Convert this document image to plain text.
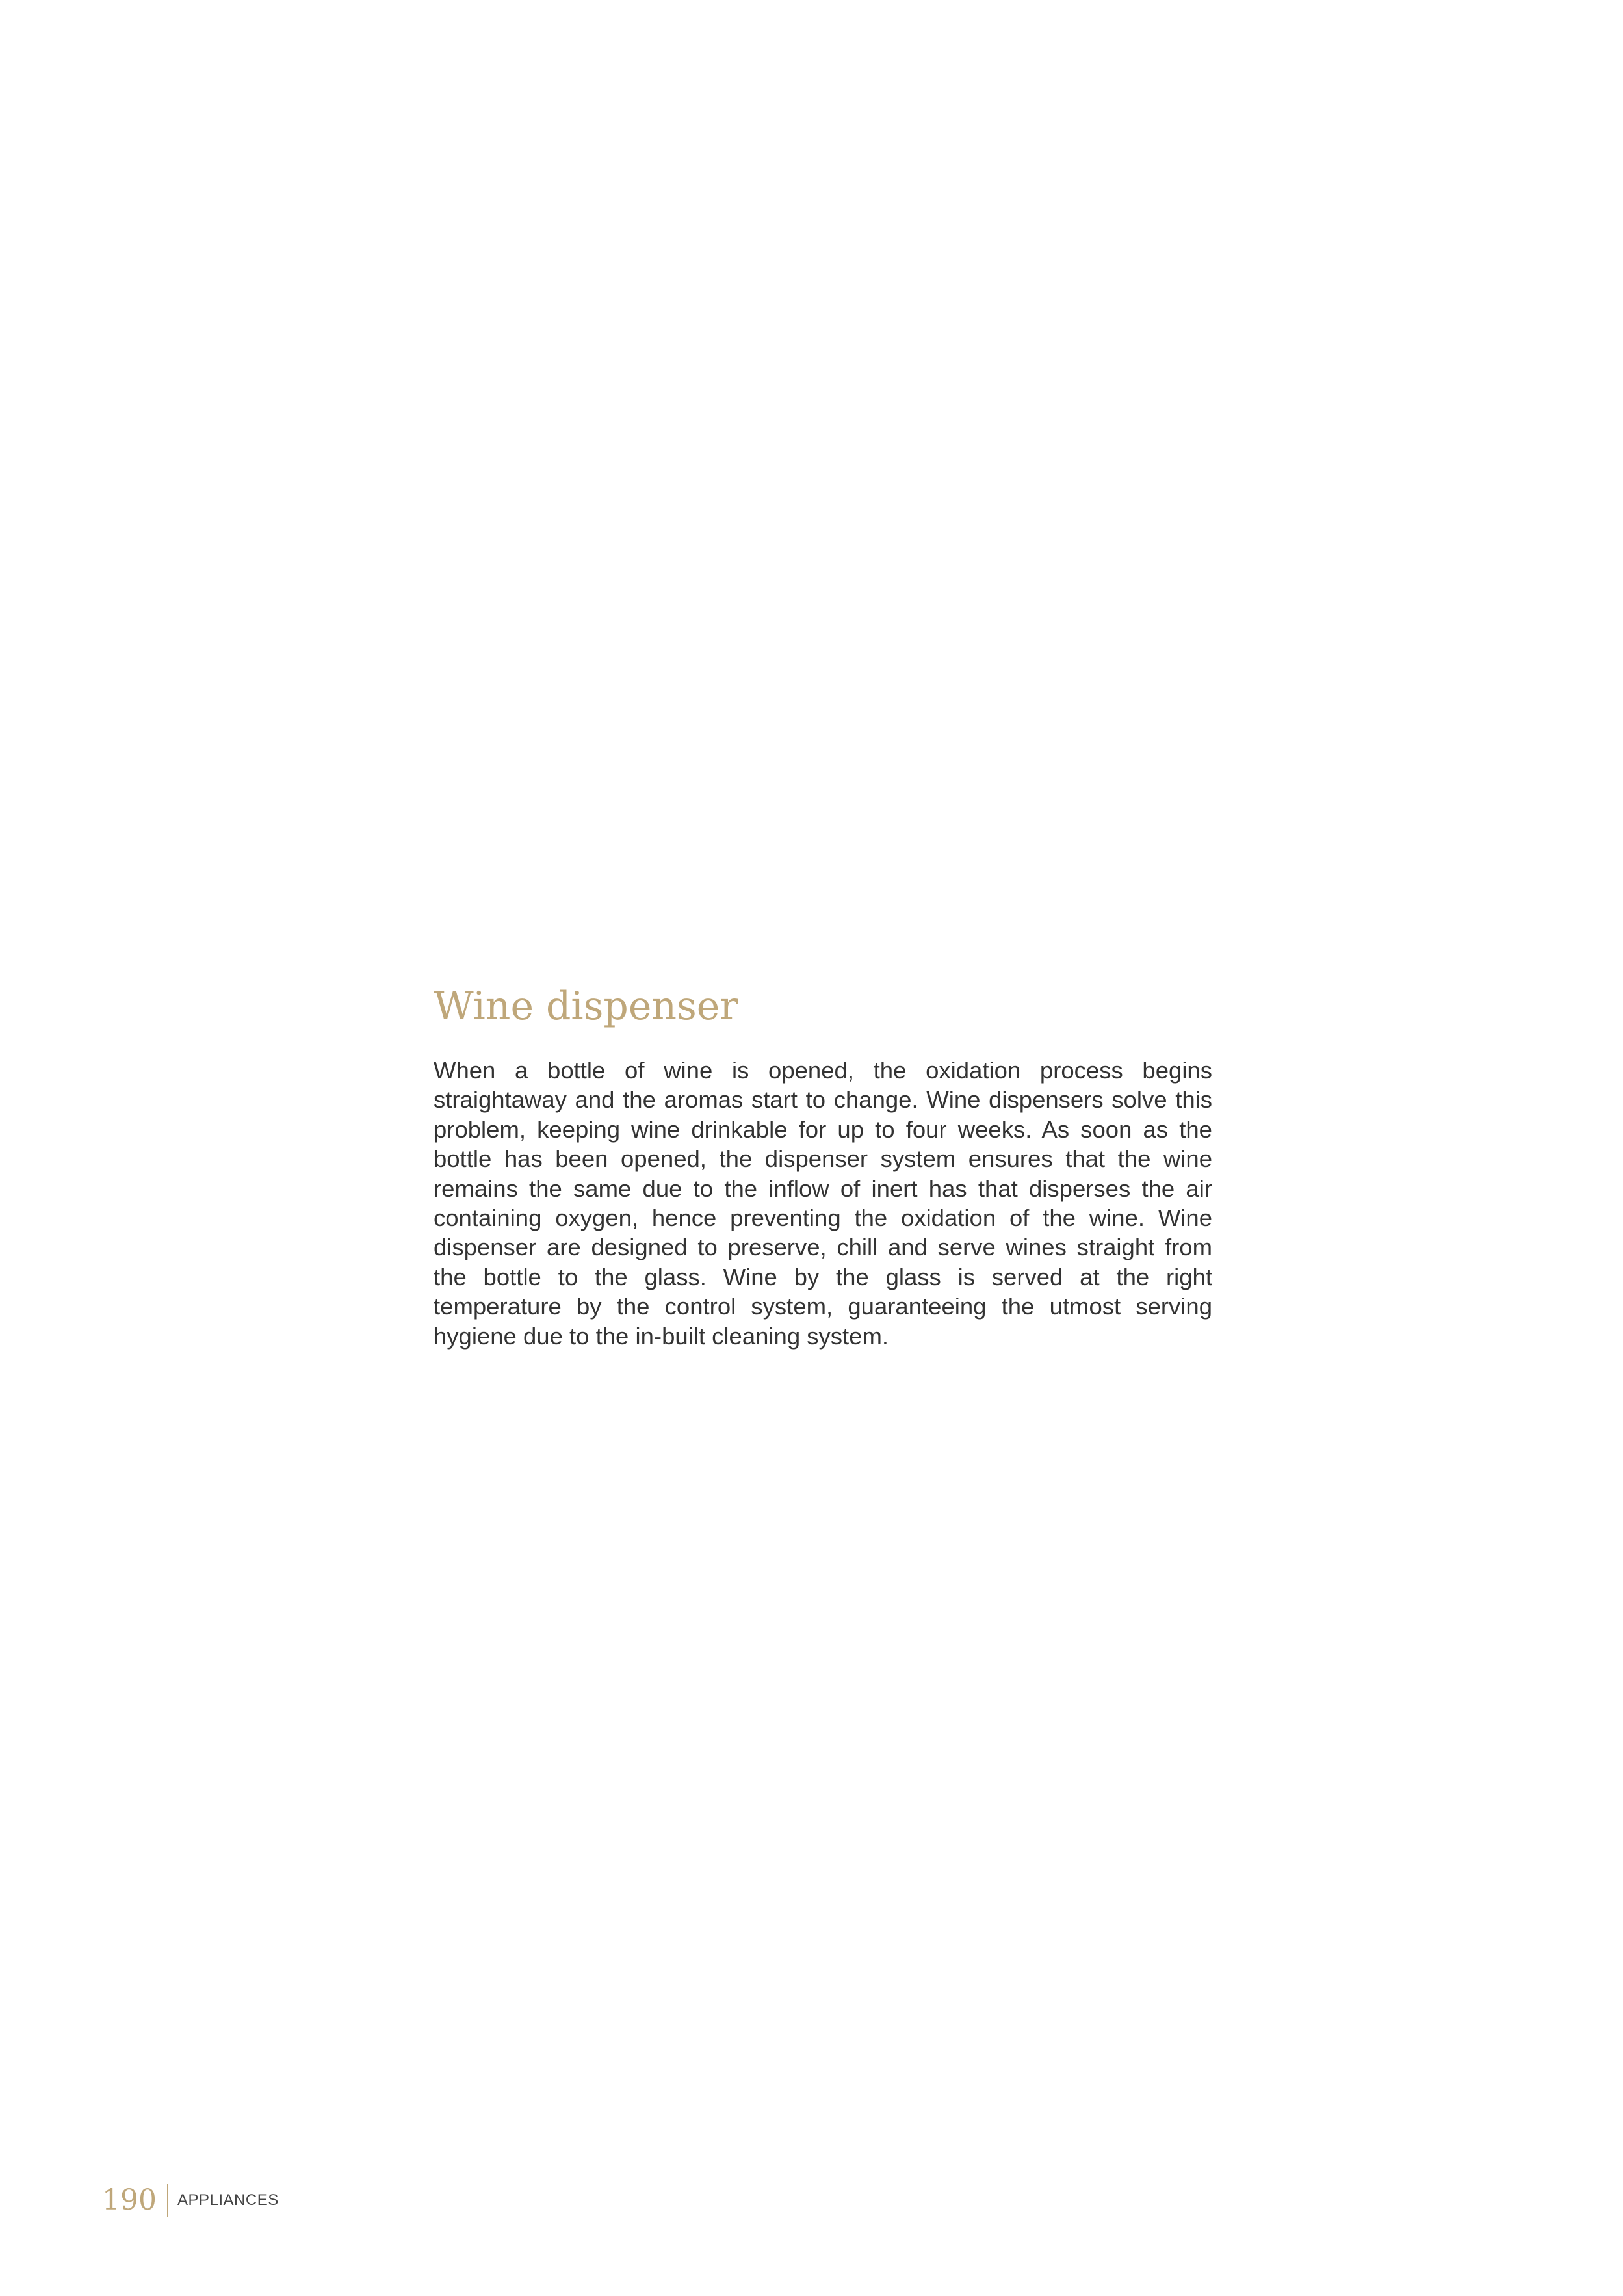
Wine dispenser

When a bottle of wine is opened, the oxidation process begins straightaway and the aromas start to change. Wine dispensers solve this problem, keeping wine drinkable for up to four weeks. As soon as the bottle has been opened, the dispenser system ensures that the wine remains the same due to the inflow of inert has that disperses the air containing oxygen, hence preventing the oxidation of the wine. Wine dispenser are designed to preserve, chill and serve wines straight from the bottle to the glass. Wine by the glass is served at the right temperature by the control system, guaranteeing the utmost serving hygiene due to the in-built cleaning system.

190 APPLIANCES
